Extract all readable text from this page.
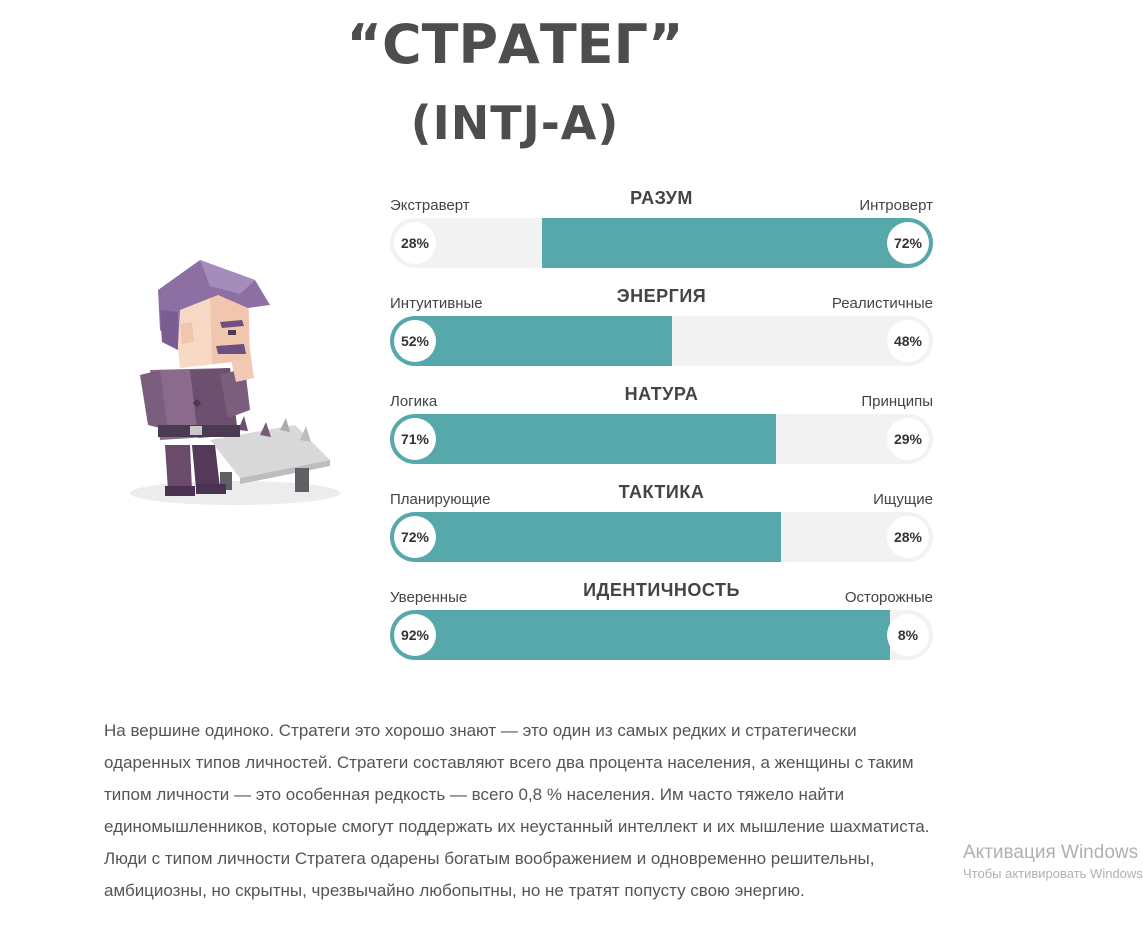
“СТРАТЕГ”
(INTJ-A)
Экстраверт	РАЗУМ	Интроверт
28%	72%
Интуитивные	ЭНЕРГИЯ	Реалистичные
52%	48%
Логика	НАТУРА	Принципы
71%	29%
Планирующие	ТАКТИКА	Ищущие
72%	28%
Уверенные	ИДЕНТИЧНОСТЬ	Осторожные
92%	8%

На вершине одиноко. Стратеги это хорошо знают — это один из самых редких и стратегически одаренных типов личностей. Стратеги составляют всего два процента населения, а женщины с таким типом личности — это особенная редкость — всего 0,8 % населения. Им часто тяжело найти единомышленников, которые смогут поддержать их неустанный интеллект и их мышление шахматиста. Люди с типом личности Стратега одарены богатым воображением и одновременно решительны, амбициозны, но скрытны, чрезвычайно любопытны, но не тратят попусту свою энергию.

Активация Windows
Чтобы активировать Windows
